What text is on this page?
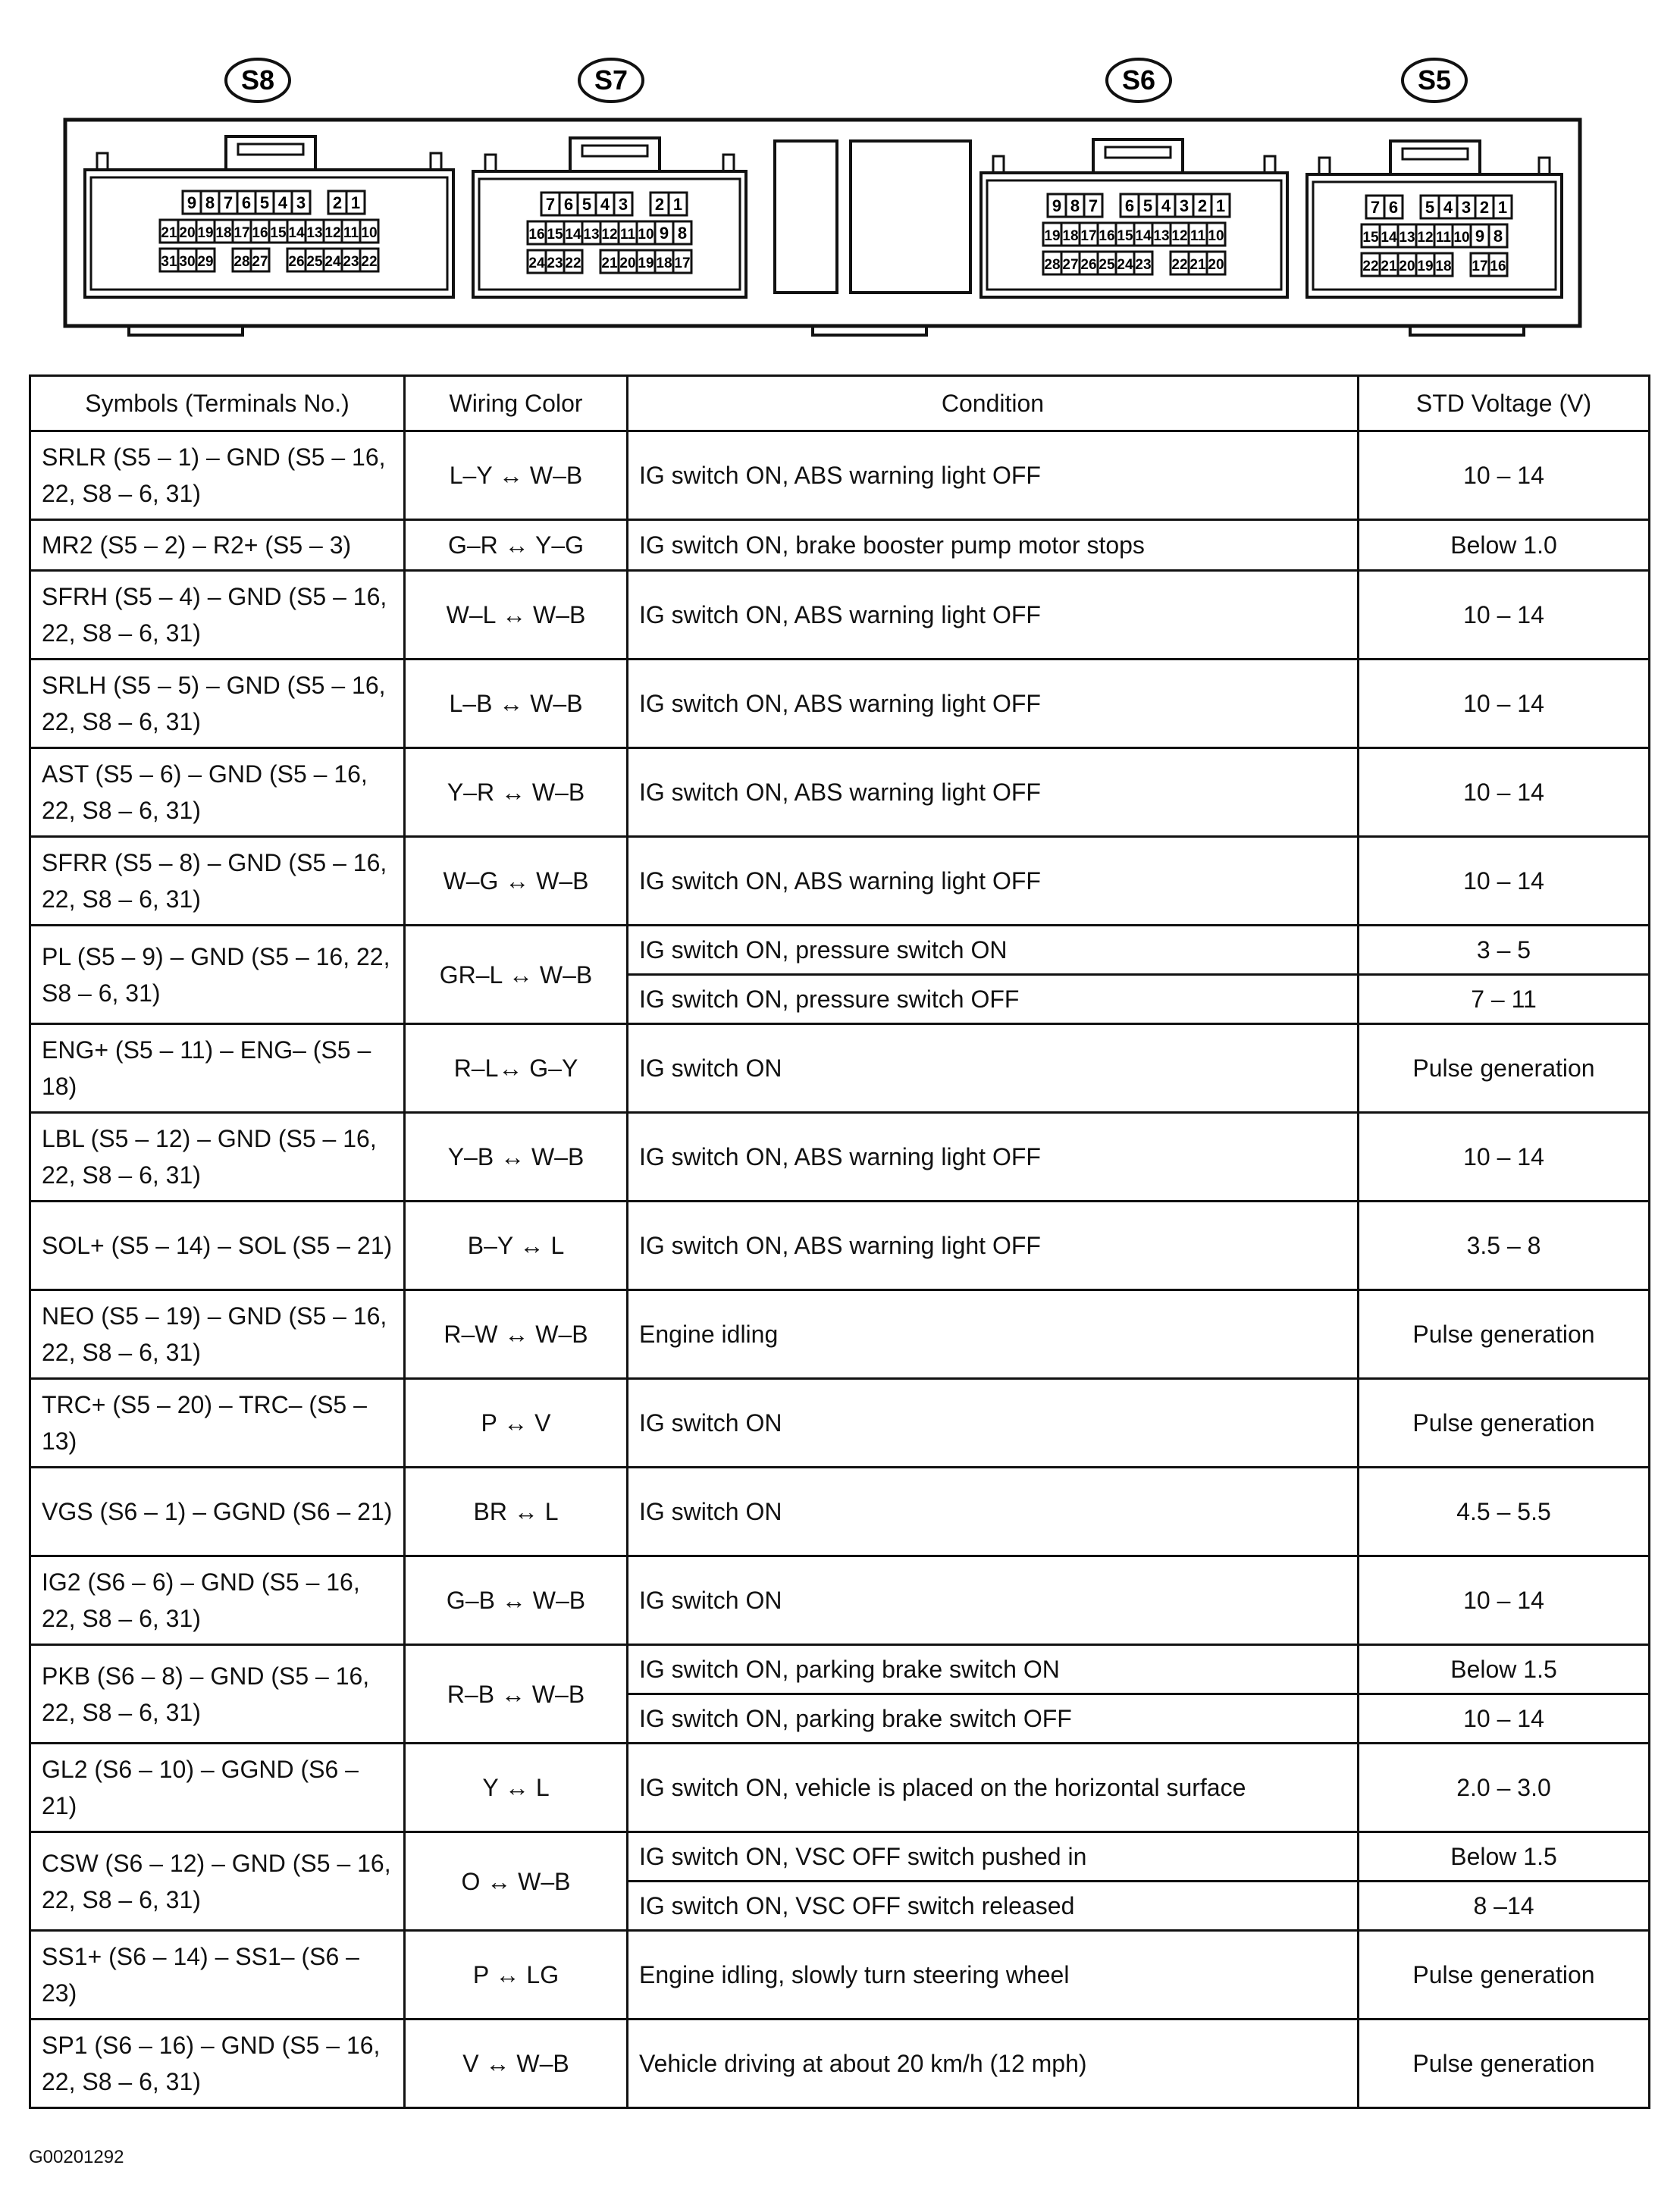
S8
9 8 7 6 5 4 3 2 1
21 20 19 18 17 16 15 14 13 12 11 10
31 30 29 28 27 26 25 24 23 22
S7
7 6 5 4 3 2 1
16 15 14 13 12 11 10 9 8
24 23 22 21 20 19 18 17
S6
9 8 7 6 5 4 3 2 1
19 18 17 16 15 14 13 12 11 10
28 27 26 25 24 23 22 21 20
S5
7 6 5 4 3 2 1
15 14 13 12 11 10 9 8
22 21 20 19 18 17 16
Symbols (Terminals No.)	Wiring Color	Condition	STD Voltage (V)
SRLR (S5 – 1) – GND (S5 – 16, 22, S8 – 6, 31)	L–Y ↔ W–B	IG switch ON, ABS warning light OFF	10 – 14
MR2 (S5 – 2) – R2+ (S5 – 3)	G–R ↔ Y–G	IG switch ON, brake booster pump motor stops	Below 1.0
SFRH (S5 – 4) – GND (S5 – 16, 22, S8 – 6, 31)	W–L ↔ W–B	IG switch ON, ABS warning light OFF	10 – 14
SRLH (S5 – 5) – GND (S5 – 16, 22, S8 – 6, 31)	L–B ↔ W–B	IG switch ON, ABS warning light OFF	10 – 14
AST (S5 – 6) – GND (S5 – 16, 22, S8 – 6, 31)	Y–R ↔ W–B	IG switch ON, ABS warning light OFF	10 – 14
SFRR (S5 – 8) – GND (S5 – 16, 22, S8 – 6, 31)	W–G ↔ W–B	IG switch ON, ABS warning light OFF	10 – 14
PL (S5 – 9) – GND (S5 – 16, 22, S8 – 6, 31)	GR–L ↔ W–B	IG switch ON, pressure switch ON	3 – 5
		IG switch ON, pressure switch OFF	7 – 11
ENG+ (S5 – 11) – ENG– (S5 – 18)	R–L↔ G–Y	IG switch ON	Pulse generation
LBL (S5 – 12) – GND (S5 – 16, 22, S8 – 6, 31)	Y–B ↔ W–B	IG switch ON, ABS warning light OFF	10 – 14
SOL+ (S5 – 14) – SOL (S5 – 21)	B–Y ↔ L	IG switch ON, ABS warning light OFF	3.5 – 8
NEO (S5 – 19) – GND (S5 – 16, 22, S8 – 6, 31)	R–W ↔ W–B	Engine idling	Pulse generation
TRC+ (S5 – 20) – TRC– (S5 – 13)	P ↔ V	IG switch ON	Pulse generation
VGS (S6 – 1) – GGND (S6 – 21)	BR ↔ L	IG switch ON	4.5 – 5.5
IG2 (S6 – 6) – GND (S5 – 16, 22, S8 – 6, 31)	G–B ↔ W–B	IG switch ON	10 – 14
PKB (S6 – 8) – GND (S5 – 16, 22, S8 – 6, 31)	R–B ↔ W–B	IG switch ON, parking brake switch ON	Below 1.5
		IG switch ON, parking brake switch OFF	10 – 14
GL2 (S6 – 10) – GGND (S6 – 21)	Y ↔ L	IG switch ON, vehicle is placed on the horizontal surface	2.0 – 3.0
CSW (S6 – 12) – GND (S5 – 16, 22, S8 – 6, 31)	O ↔ W–B	IG switch ON, VSC OFF switch pushed in	Below 1.5
		IG switch ON, VSC OFF switch released	8 –14
SS1+ (S6 – 14) – SS1– (S6 – 23)	P ↔ LG	Engine idling, slowly turn steering wheel	Pulse generation
SP1 (S6 – 16) – GND (S5 – 16, 22, S8 – 6, 31)	V ↔ W–B	Vehicle driving at about 20 km/h (12 mph)	Pulse generation
G00201292
